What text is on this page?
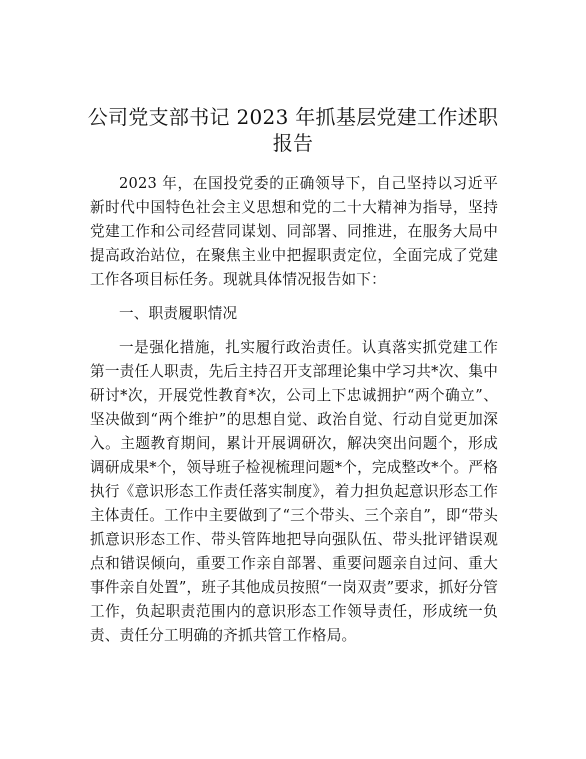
公司党支部书记 2023 年抓基层党建工作述职报告

2023 年，在国投党委的正确领导下，自己坚持以习近平新时代中国特色社会主义思想和党的二十大精神为指导，坚持党建工作和公司经营同谋划、同部署、同推进，在服务大局中提高政治站位，在聚焦主业中把握职责定位，全面完成了党建工作各项目标任务。现就具体情况报告如下：

一、职责履职情况

一是强化措施，扎实履行政治责任。认真落实抓党建工作第一责任人职责，先后主持召开支部理论集中学习共*次、集中研讨*次，开展党性教育*次，公司上下忠诚拥护“两个确立”、坚决做到“两个维护”的思想自觉、政治自觉、行动自觉更加深入。主题教育期间，累计开展调研次，解决突出问题个，形成调研成果*个，领导班子检视梳理问题*个，完成整改*个。严格执行《意识形态工作责任落实制度》，着力担负起意识形态工作主体责任。工作中主要做到了“三个带头、三个亲自”，即“带头抓意识形态工作、带头管阵地把导向强队伍、带头批评错误观点和错误倾向，重要工作亲自部署、重要问题亲自过问、重大事件亲自处置”，班子其他成员按照“一岗双责”要求，抓好分管工作，负起职责范围内的意识形态工作领导责任，形成统一负责、责任分工明确的齐抓共管工作格局。
